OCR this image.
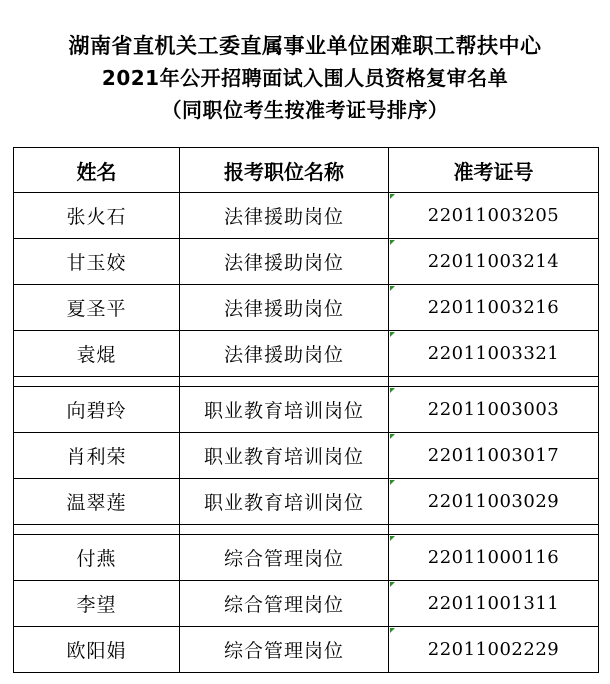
湖南省直机关工委直属事业单位困难职工帮扶中心
2021年公开招聘面试入围人员资格复审名单
（同职位考生按准考证号排序）
姓名	报考职位名称	准考证号
张火石	法律援助岗位	22011003205
甘玉姣	法律援助岗位	22011003214
夏圣平	法律援助岗位	22011003216
袁焜	法律援助岗位	22011003321

向碧玲	职业教育培训岗位	22011003003
肖利荣	职业教育培训岗位	22011003017
温翠莲	职业教育培训岗位	22011003029

付燕	综合管理岗位	22011000116
李望	综合管理岗位	22011001311
欧阳娟	综合管理岗位	22011002229
